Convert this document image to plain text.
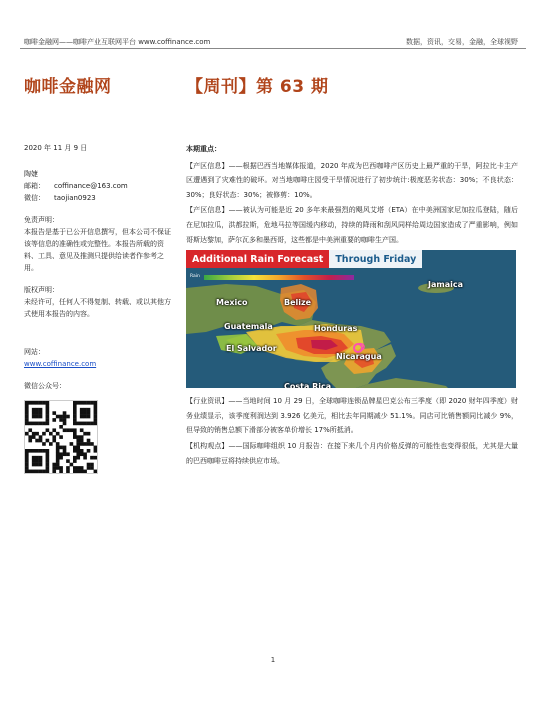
咖啡金融网——咖啡产业互联网平台 www.coffinance.com	数据，资讯，交易，金融，全球视野
咖啡金融网	【周刊】第 63 期
2020 年 11 月 9 日
陶婕
邮箱：	coffinance@163.com
微信：	taojian0923
免责声明：
本报告是基于已公开信息撰写，但本公司不保证该等信息的准确性或完整性。本报告所载的资料、工具、意见及推测只提供给读者作参考之用。
版权声明：
未经许可，任何人不得复制、转载、或以其他方式使用本报告的内容。
网站：
www.coffinance.com
微信公众号：
本期重点：

【产区信息】——根据巴西当地媒体报道，2020 年成为巴西咖啡产区历史上最严重的干旱，阿拉比卡主产区遭遇到了灾难性的破坏。对当地咖啡庄园受干旱情况进行了初步统计:极度恶劣状态：30%；不良状态：30%；良好状态：30%；被修剪：10%。

【产区信息】——被认为可能是近 20 多年来最强烈的飓风艾塔（ETA）在中美洲国家尼加拉瓜登陆，随后在尼加拉瓜，洪都拉斯，危地马拉等国缓内移动，持续的降雨和刮风同样给周边国家造成了严重影响，例如哥斯达黎加，萨尔瓦多和墨西哥，这些都是中美洲重要的咖啡生产国。

Additional Rain Forecast	Through Friday
Rain
Jamaica
Mexico	Belize
Guatemala	Honduras
El Salvador
Nicaragua
Costa Rica

【行业资讯】——当地时间 10 月 29 日，全球咖啡连锁品牌星巴克公布三季度（即 2020 财年四季度）财务业绩显示，该季度利润达到 3.926 亿美元，相比去年同期减少 51.1%。同店可比销售额同比减少 9%，但导致的销售总额下滑部分被客单价增长 17%所抵消。

【机构观点】——国际咖啡组织 10 月报告：在接下来几个月内价格反弹的可能性也变得很低，尤其是大量的巴西咖啡豆将持续供应市场。

1
